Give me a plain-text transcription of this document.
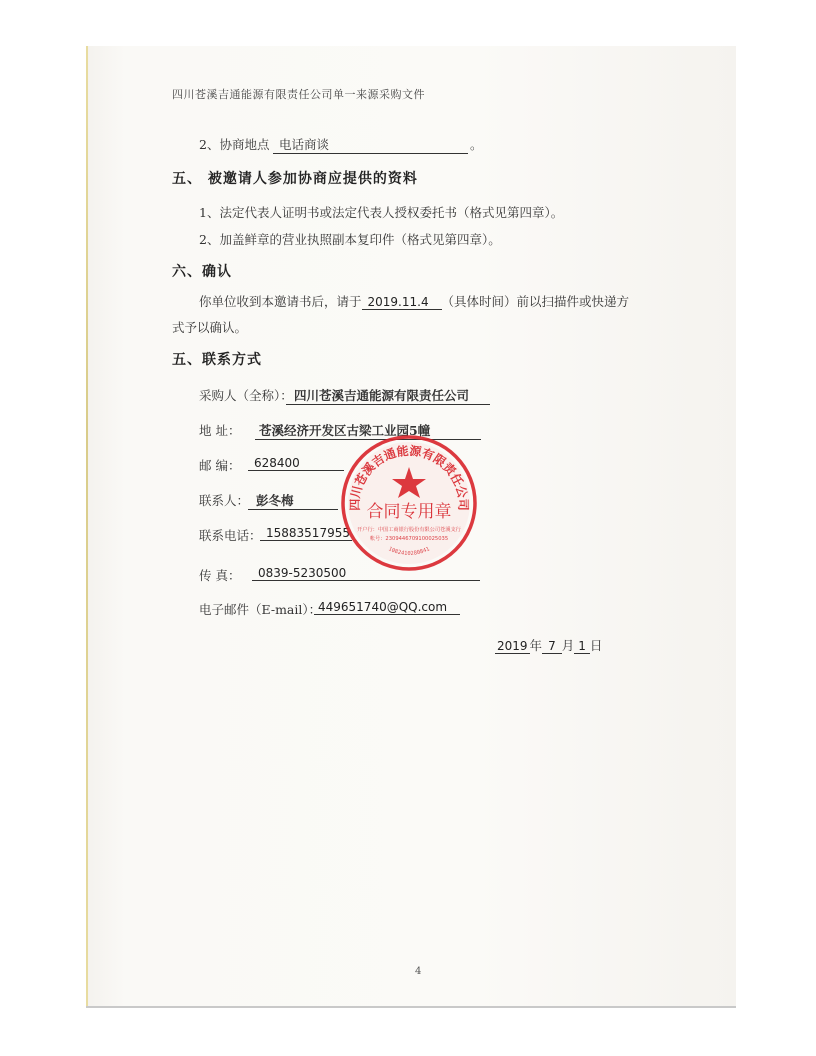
四川苍溪吉通能源有限责任公司单一来源采购文件
2、协商地点 电话商谈	。
五、 被邀请人参加协商应提供的资料
1、法定代表人证明书或法定代表人授权委托书（格式见第四章）。
2、加盖鲜章的营业执照副本复印件（格式见第四章）。
六、确认
你单位收到本邀请书后，请于 2019.11.4 （具体时间）前以扫描件或快递方
式予以确认。
五、联系方式
采购人（全称）： 四川苍溪吉通能源有限责任公司
地 址：	苍溪经济开发区古梁工业园5幢
邮 编：	628400
联系人： 彭冬梅
联系电话： 15883517955
传 真：	0839-5230500
电子邮件（E-mail）：
449651740@QQ.com
2019 年 7 月 1 日
四川苍溪吉通能源有限责任公司
合同专用章
开户行：中国工商银行股份有限公司苍溪支行
帐号：2309446709100025035
1082410280841
4
